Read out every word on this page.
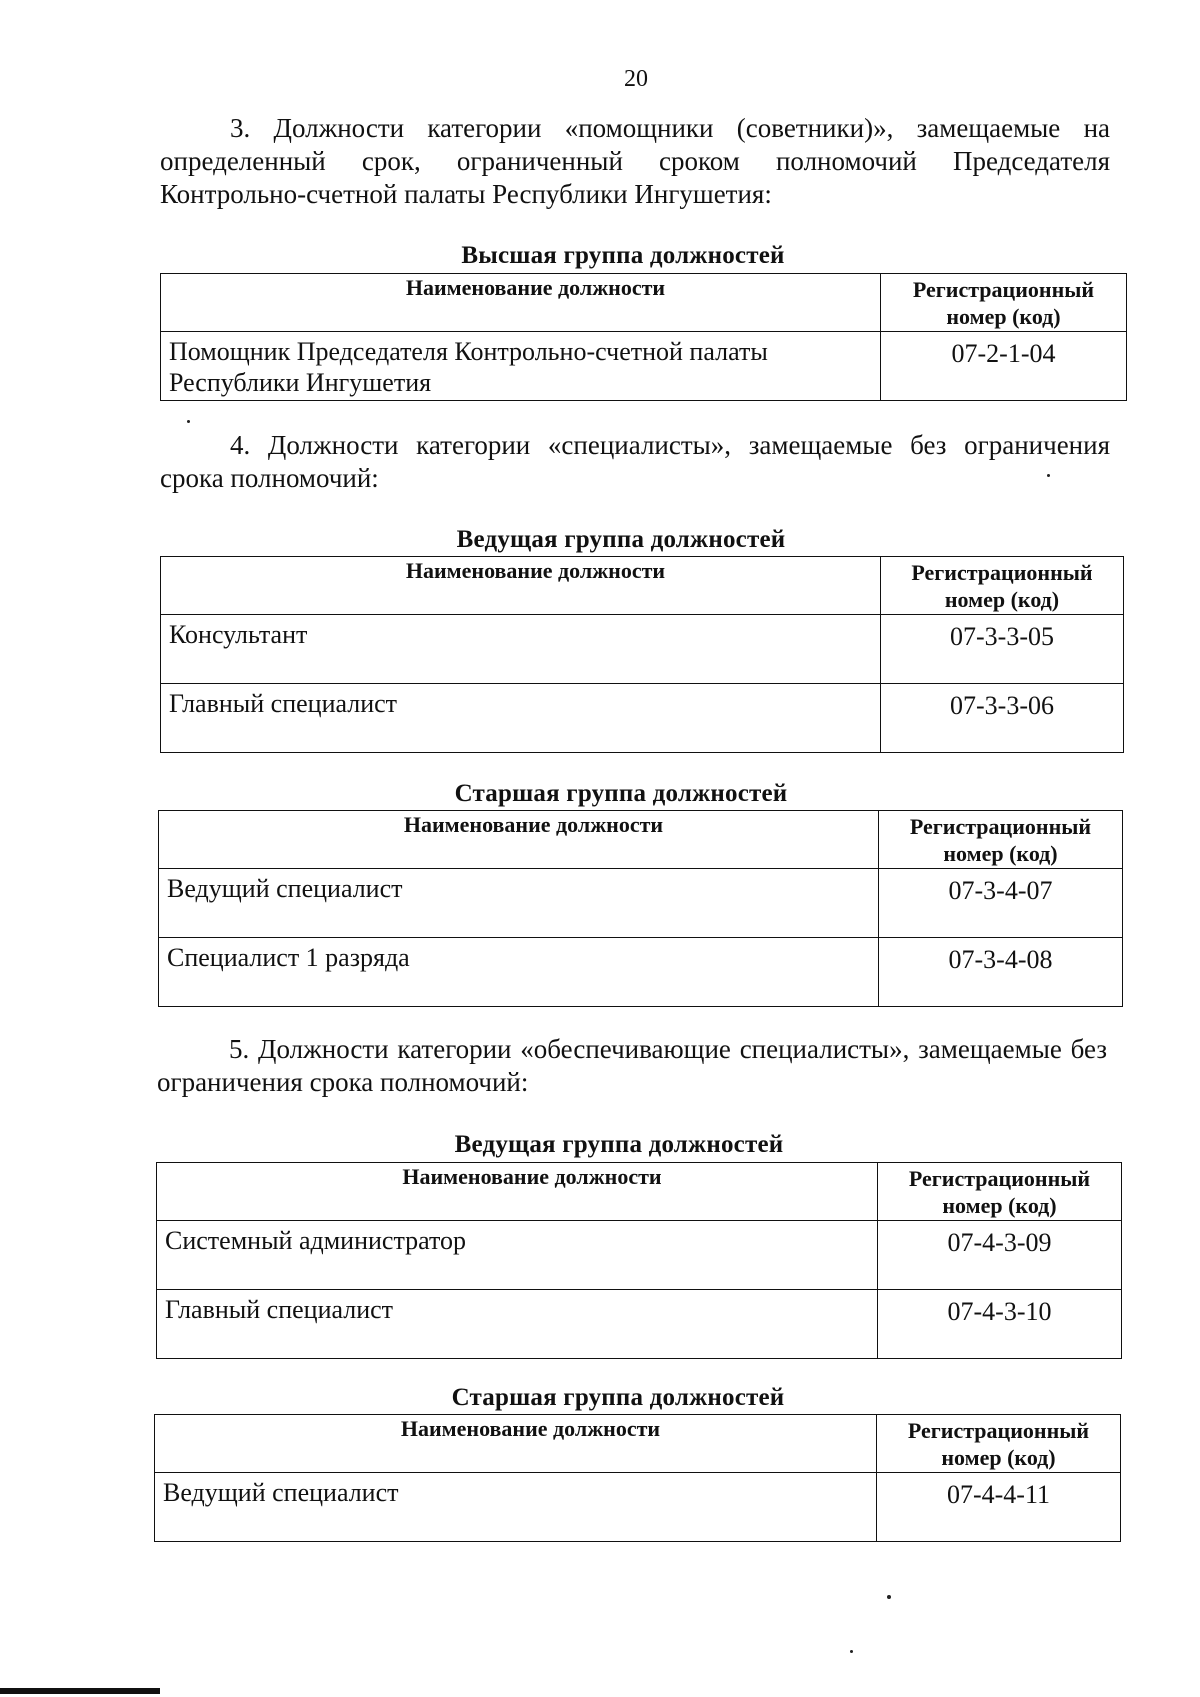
20
3. Должности категории «помощники (советники)», замещаемые на определенный срок, ограниченный сроком полномочий Председателя Контрольно-счетной палаты Республики Ингушетия:
Высшая группа должностей
Наименование должности	Регистрационный номер (код)
Помощник Председателя Контрольно-счетной палаты Республики Ингушетия	07-2-1-04
4. Должности категории «специалисты», замещаемые без ограничения срока полномочий:
Ведущая группа должностей
Наименование должности	Регистрационный номер (код)
Консультант	07-3-3-05
Главный специалист	07-3-3-06
Старшая группа должностей
Наименование должности	Регистрационный номер (код)
Ведущий специалист	07-3-4-07
Специалист 1 разряда	07-3-4-08
5. Должности категории «обеспечивающие специалисты», замещаемые без ограничения срока полномочий:
Ведущая группа должностей
Наименование должности	Регистрационный номер (код)
Системный администратор	07-4-3-09
Главный специалист	07-4-3-10
Старшая группа должностей
Наименование должности	Регистрационный номер (код)
Ведущий специалист	07-4-4-11
